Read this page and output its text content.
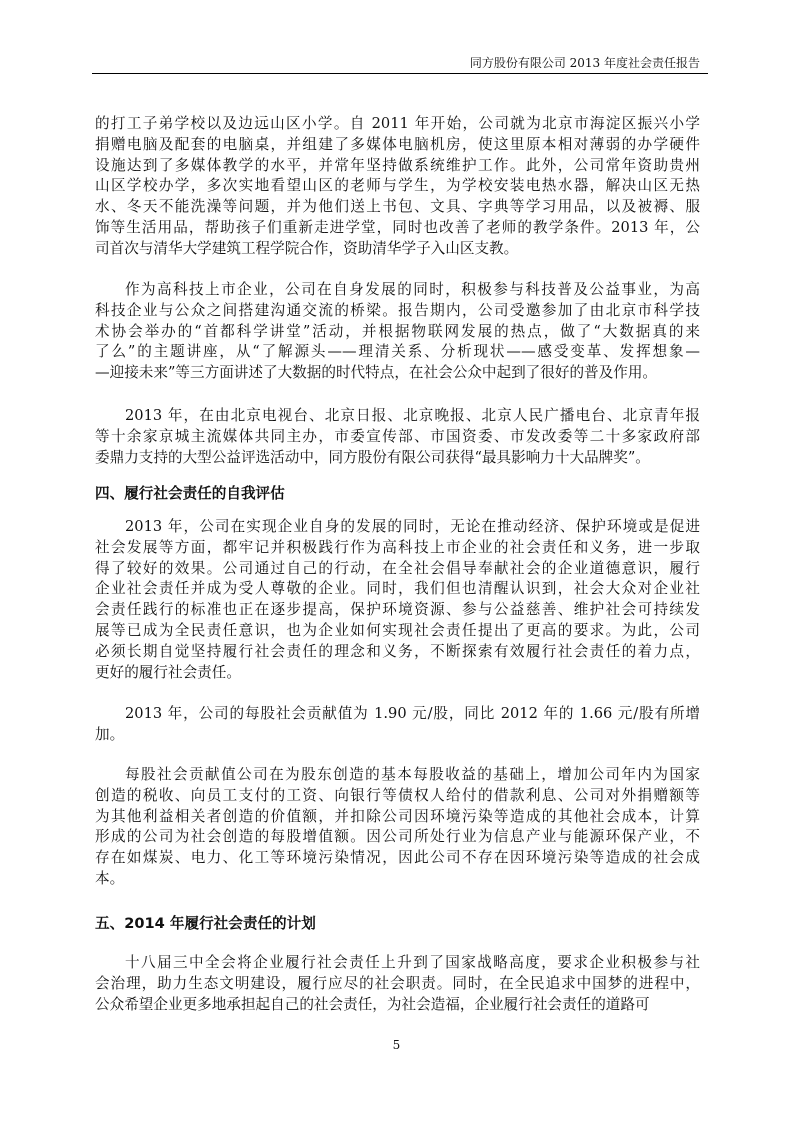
同方股份有限公司 2013 年度社会责任报告
的打工子弟学校以及边远山区小学。自 2011 年开始，公司就为北京市海淀区振兴小学
捐赠电脑及配套的电脑桌，并组建了多媒体电脑机房，使这里原本相对薄弱的办学硬件
设施达到了多媒体教学的水平，并常年坚持做系统维护工作。此外，公司常年资助贵州
山区学校办学，多次实地看望山区的老师与学生，为学校安装电热水器，解决山区无热
水、冬天不能洗澡等问题，并为他们送上书包、文具、字典等学习用品，以及被褥、服
饰等生活用品，帮助孩子们重新走进学堂，同时也改善了老师的教学条件。2013 年，公
司首次与清华大学建筑工程学院合作，资助清华学子入山区支教。
作为高科技上市企业，公司在自身发展的同时，积极参与科技普及公益事业，为高
科技企业与公众之间搭建沟通交流的桥梁。报告期内，公司受邀参加了由北京市科学技
术协会举办的“首都科学讲堂”活动，并根据物联网发展的热点，做了“大数据真的来
了么”的主题讲座，从“了解源头——理清关系、分析现状——感受变革、发挥想象—
—迎接未来”等三方面讲述了大数据的时代特点，在社会公众中起到了很好的普及作用。
2013 年，在由北京电视台、北京日报、北京晚报、北京人民广播电台、北京青年报
等十余家京城主流媒体共同主办，市委宣传部、市国资委、市发改委等二十多家政府部
委鼎力支持的大型公益评选活动中，同方股份有限公司获得“最具影响力十大品牌奖”。
四、履行社会责任的自我评估
2013 年，公司在实现企业自身的发展的同时，无论在推动经济、保护环境或是促进
社会发展等方面，都牢记并积极践行作为高科技上市企业的社会责任和义务，进一步取
得了较好的效果。公司通过自己的行动，在全社会倡导奉献社会的企业道德意识，履行
企业社会责任并成为受人尊敬的企业。同时，我们但也清醒认识到，社会大众对企业社
会责任践行的标准也正在逐步提高，保护环境资源、参与公益慈善、维护社会可持续发
展等已成为全民责任意识，也为企业如何实现社会责任提出了更高的要求。为此，公司
必须长期自觉坚持履行社会责任的理念和义务，不断探索有效履行社会责任的着力点，
更好的履行社会责任。
2013 年，公司的每股社会贡献值为 1.90 元/股，同比 2012 年的 1.66 元/股有所增
加。
每股社会贡献值公司在为股东创造的基本每股收益的基础上，增加公司年内为国家
创造的税收、向员工支付的工资、向银行等债权人给付的借款利息、公司对外捐赠额等
为其他利益相关者创造的价值额，并扣除公司因环境污染等造成的其他社会成本，计算
形成的公司为社会创造的每股增值额。因公司所处行业为信息产业与能源环保产业，不
存在如煤炭、电力、化工等环境污染情况，因此公司不存在因环境污染等造成的社会成
本。
五、2014 年履行社会责任的计划
十八届三中全会将企业履行社会责任上升到了国家战略高度，要求企业积极参与社
会治理，助力生态文明建设，履行应尽的社会职责。同时，在全民追求中国梦的进程中，
公众希望企业更多地承担起自己的社会责任，为社会造福，企业履行社会责任的道路可
5
